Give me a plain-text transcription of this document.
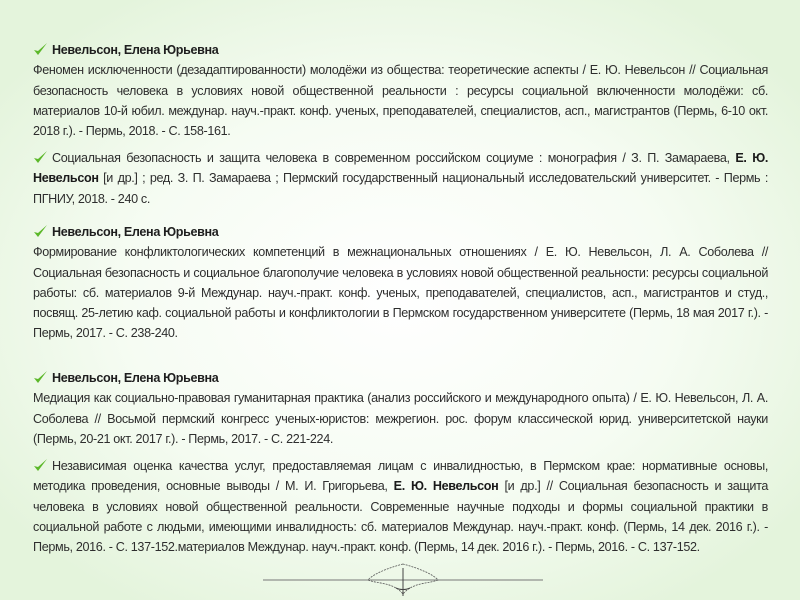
Невельсон, Елена Юрьевна
Феномен исключенности (дезадаптированности) молодёжи из общества: теоретические аспекты / Е. Ю. Невельсон // Социальная безопасность человека в условиях новой общественной реальности : ресурсы социальной включенности молодёжи: сб. материалов 10-й юбил. междунар. науч.-практ. конф. ученых, преподавателей, специалистов, асп., магистрантов (Пермь, 6-10 окт. 2018 г.). - Пермь, 2018. - С. 158-161.
Социальная безопасность и защита человека в современном российском социуме : монография / З. П. Замараева, Е. Ю. Невельсон [и др.] ; ред. З. П. Замараева ; Пермский государственный национальный исследовательский университет. - Пермь : ПГНИУ, 2018. - 240 с.
Невельсон, Елена Юрьевна
Формирование конфликтологических компетенций в межнациональных отношениях / Е. Ю. Невельсон, Л. А. Соболева // Социальная безопасность и социальное благополучие человека в условиях новой общественной реальности: ресурсы социальной работы: сб. материалов 9-й Междунар. науч.-практ. конф. ученых, преподавателей, специалистов, асп., магистрантов и студ., посвящ. 25-летию каф. социальной работы и конфликтологии в Пермском государственном университете (Пермь, 18 мая 2017 г.). - Пермь, 2017. - С. 238-240.
Невельсон, Елена Юрьевна
Медиация как социально-правовая гуманитарная практика (анализ российского и международного опыта) / Е. Ю. Невельсон, Л. А. Соболева // Восьмой пермский конгресс ученых-юристов: межрегион. рос. форум классической юрид. университетской науки (Пермь, 20-21 окт. 2017 г.). - Пермь, 2017. - С. 221-224.
Независимая оценка качества услуг, предоставляемая лицам с инвалидностью, в Пермском крае: нормативные основы, методика проведения, основные выводы / М. И. Григорьева, Е. Ю. Невельсон [и др.] // Социальная безопасность и защита человека в условиях новой общественной реальности. Современные научные подходы и формы социальной практики в социальной работе с людьми, имеющими инвалидность: сб. материалов Междунар. науч.-практ. конф. (Пермь, 14 дек. 2016 г.). - Пермь, 2016. - С. 137-152.материалов Междунар. науч.-практ. конф. (Пермь, 14 дек. 2016 г.). - Пермь, 2016. - С. 137-152.
